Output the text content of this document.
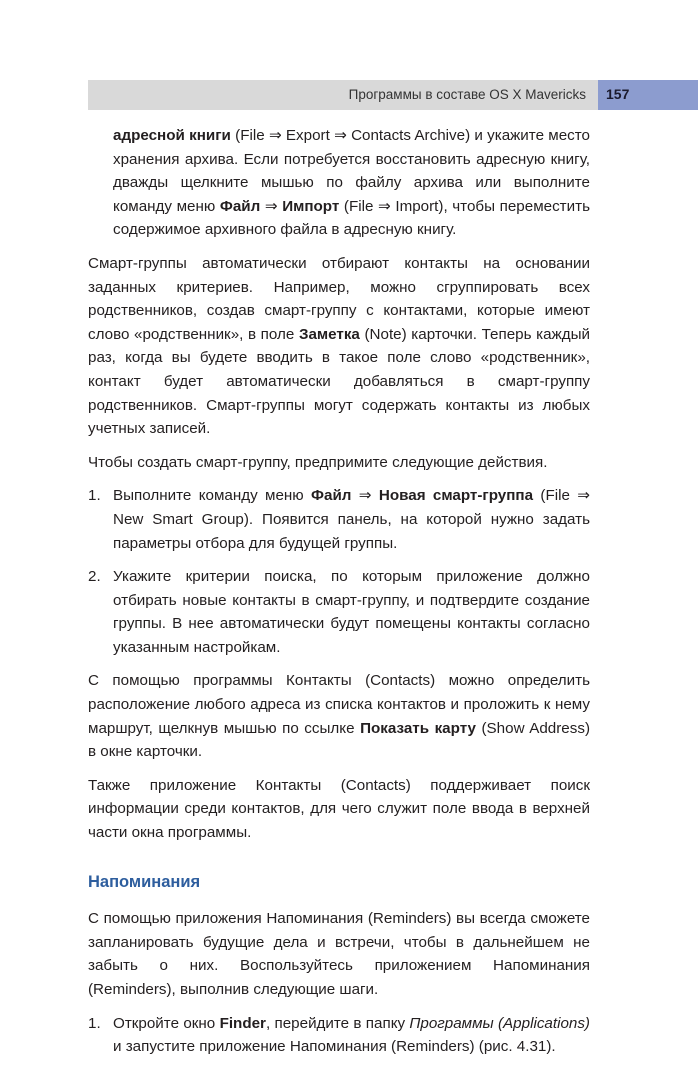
Программы в составе OS X Mavericks 157

адресной книги (File ⇒ Export ⇒ Contacts Archive) и укажите место хранения архива. Если потребуется восстановить адресную книгу, дважды щелкните мышью по файлу архива или выполните команду меню Файл ⇒ Импорт (File ⇒ Import), чтобы переместить содержимое архивного файла в адресную книгу.

Смарт-группы автоматически отбирают контакты на основании заданных критериев. Например, можно сгруппировать всех родственников, создав смарт-группу с контактами, которые имеют слово «родственник», в поле Заметка (Note) карточки. Теперь каждый раз, когда вы будете вводить в такое поле слово «родственник», контакт будет автоматически добавляться в смарт-группу родственников. Смарт-группы могут содержать контакты из любых учетных записей.

Чтобы создать смарт-группу, предпримите следующие действия.

1. Выполните команду меню Файл ⇒ Новая смарт-группа (File ⇒ New Smart Group). Появится панель, на которой нужно задать параметры отбора для будущей группы.
2. Укажите критерии поиска, по которым приложение должно отбирать новые контакты в смарт-группу, и подтвердите создание группы. В нее автоматически будут помещены контакты согласно указанным настройкам.

С помощью программы Контакты (Contacts) можно определить расположение любого адреса из списка контактов и проложить к нему маршрут, щелкнув мышью по ссылке Показать карту (Show Address) в окне карточки.

Также приложение Контакты (Contacts) поддерживает поиск информации среди контактов, для чего служит поле ввода в верхней части окна программы.

Напоминания

С помощью приложения Напоминания (Reminders) вы всегда сможете запланировать будущие дела и встречи, чтобы в дальнейшем не забыть о них. Воспользуйтесь приложением Напоминания (Reminders), выполнив следующие шаги.

1. Откройте окно Finder, перейдите в папку Программы (Applications) и запустите приложение Напоминания (Reminders) (рис. 4.31).
